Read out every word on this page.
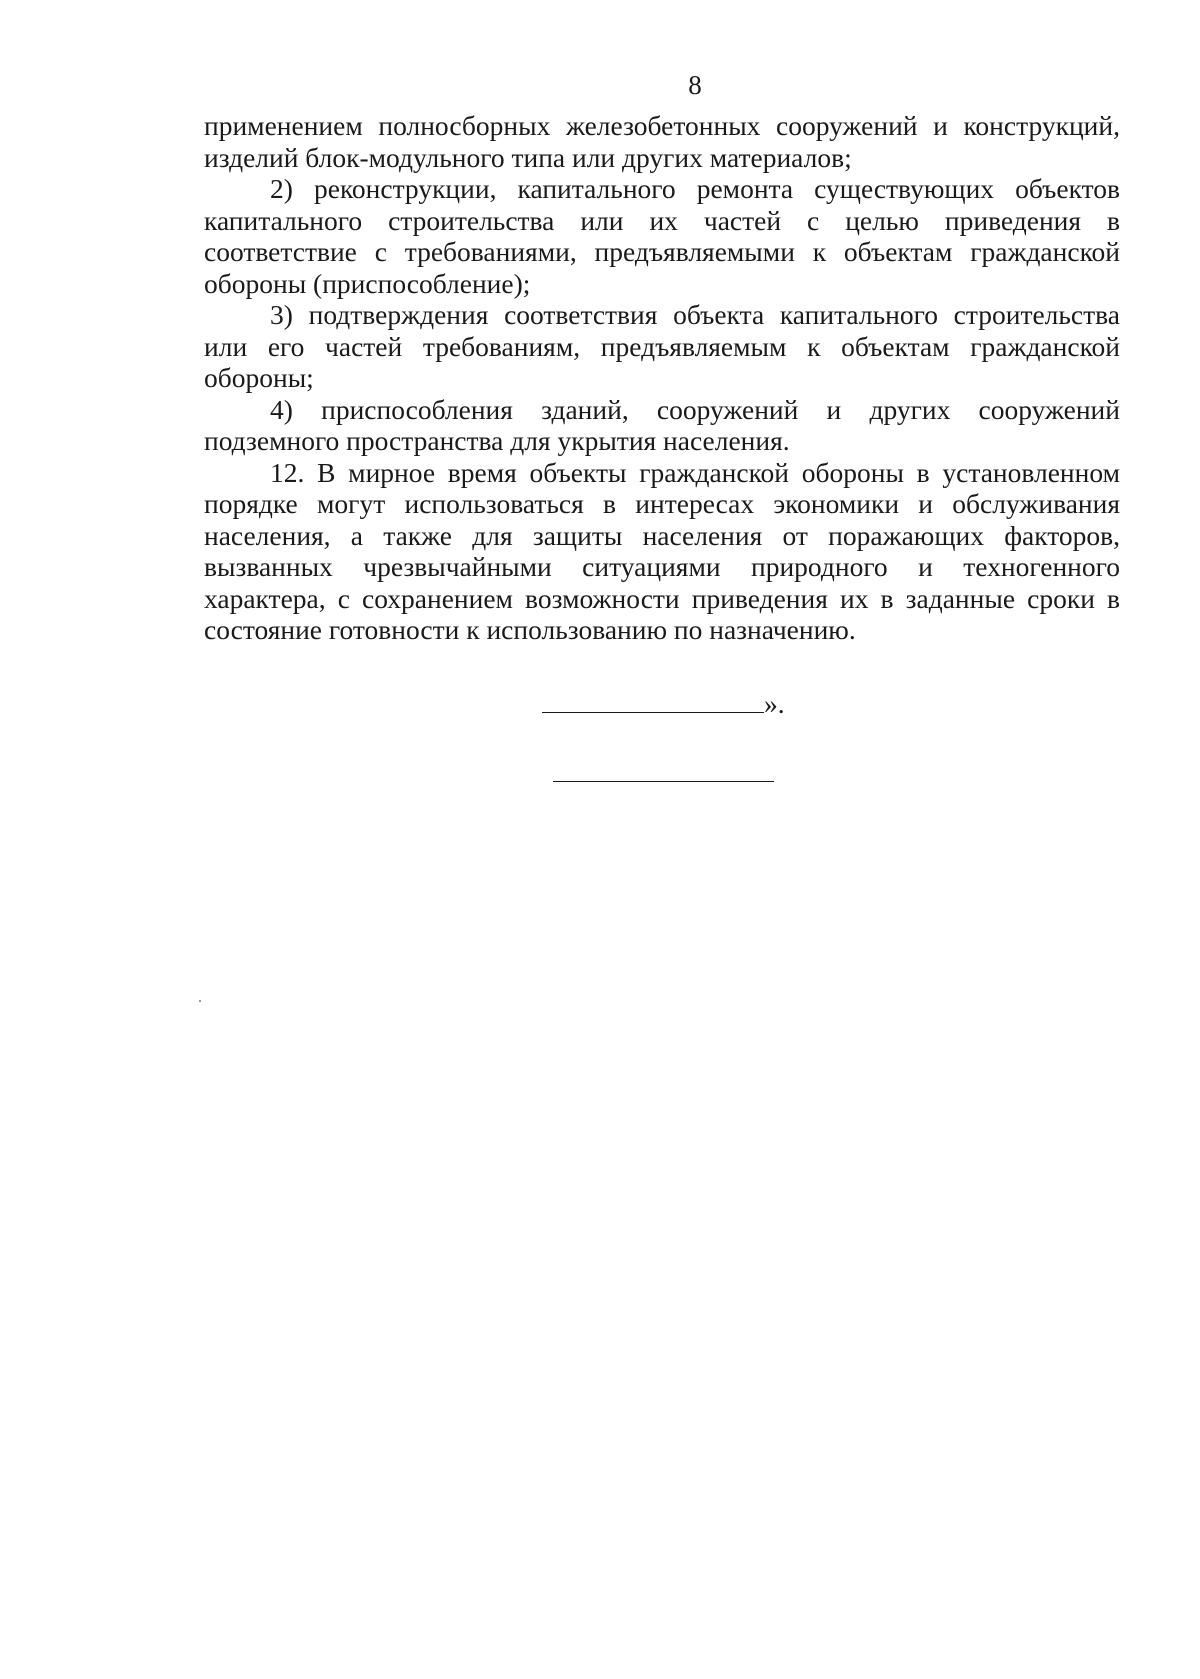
8

применением полносборных железобетонных сооружений и конструкций, изделий блок-модульного типа или других материалов;

2) реконструкции, капитального ремонта существующих объектов капитального строительства или их частей с целью приведения в соответствие с требованиями, предъявляемыми к объектам гражданской обороны (приспособление);

3) подтверждения соответствия объекта капитального строительства или его частей требованиям, предъявляемым к объектам гражданской обороны;

4) приспособления зданий, сооружений и других сооружений подземного пространства для укрытия населения.

12. В мирное время объекты гражданской обороны в установленном порядке могут использоваться в интересах экономики и обслуживания населения, а также для защиты населения от поражающих факторов, вызванных чрезвычайными ситуациями природного и техногенного характера, с сохранением возможности приведения их в заданные сроки в состояние готовности к использованию по назначению.

».
